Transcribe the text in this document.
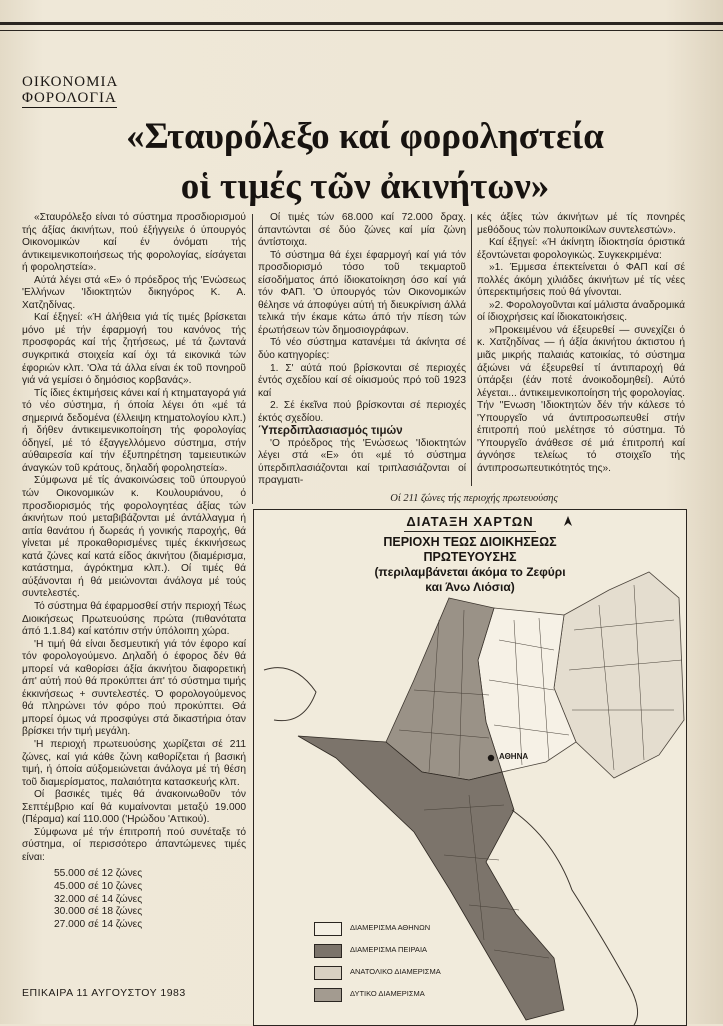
ΟΙΚΟΝΟΜΙΑ
ΦΟΡΟΛΟΓΙΑ
«Σταυρόλεξο καί φοροληστεία
οἱ τιμές τῶν ἀκινήτων»

«Σταυρόλεξο είναι τό σύστημα προσδιορισμού τής άξίας άκινήτων, πού έξήγγειλε ό ύπουργός Οικονομικών καί έν όνόματι τής άντικειμενικοποιήσεως τής φορολογίας, είσάγεται ή φοροληστεία».

Αύτά λέγει στά «Ε» ό πρόεδρος τής 'Ενώσεως 'Ελλήνων 'Ιδιοκτητών δικηγόρος Κ. Α. Χατζηδίνας.

Καί έξηγεί: «Ή άλήθεια γιά τίς τιμές βρίσκεται μόνο μέ τήν έφαρμογή του κανόνος τής προσφοράς καί τής ζητήσεως, μέ τά ζωντανά συγκριτικά στοιχεία καί όχι τά εικονικά τών έφοριών κλπ. 'Ολα τά άλλα είναι έκ τοῦ πονηροῦ γιά νά γεμίσει ό δημόσιος κορβανάς».

Τίς ίδιες έκτιμήσεις κάνει καί ή κτηματαγορά γιά τό νέο σύστημα, ή όποία λέγει ότι «μέ τά σημερινά δεδομένα (έλλειψη κτηματολογίου κλπ.) ή δήθεν άντικειμενικοποίηση τής φορολογίας όδηγεί, μέ τό έξαγγελλόμενο σύστημα, στήν αύθαιρεσία καί τήν έξυπηρέτηση ταμειευτικών άναγκών τοῦ κράτους, δηλαδή φοροληστεία».

Σύμφωνα μέ τίς άνακοινώσεις τοῦ ύπουργού τών Οικονομικών κ. Κουλουριάνου, ό προσδιορισμός τής φορολογητέας άξίας τών άκινήτων πού μεταβιβάζονται μέ άντάλλαγμα ή αιτία θανάτου ή δωρεάς ή γονικής παροχής, θά γίνεται μέ προκαθορισμένες τιμές έκκινήσεως κατά ζώνες καί κατά είδος άκινήτου (διαμέρισμα, κατάστημα, άγρόκτημα κλπ.). Οί τιμές θά αύξάνονται ή θά μειώνονται άνάλογα μέ τούς συντελεστές.

Τό σύστημα θά έφαρμοσθεί στήν περιοχή Τέως Διοικήσεως Πρωτευούσης πρώτα (πιθανότατα άπό 1.1.84) καί κατόπιν στήν ύπόλοιπη χώρα.

'Η τιμή θά είναι δεσμευτική γιά τόν έφορο καί τόν φορολογούμενο. Δηλαδή ό έφορος δέν θά μπορεί νά καθορίσει άξία άκινήτου διαφορετική άπ' αύτή πού θά προκύπτει άπ' τό σύστημα τιμής έκκινήσεως + συντελεστές. Ό φορολογούμενος θά πληρώνει τόν φόρο πού προκύπτει. Θά μπορεί όμως νά προσφύγει στά δικαστήρια όταν βρίσκει τήν τιμή μεγάλη.

'Η περιοχή πρωτευούσης χωρίζεται σέ 211 ζώνες, καί γιά κάθε ζώνη καθορίζεται ή βασική τιμή, ή όποία αύξομειώνεται άνάλογα μέ τή θέση τοῦ διαμερίσματος, παλαιότητα κατασκευής κλπ.

Οί βασικές τιμές θά άνακοινωθοῦν τόν Σεπτέμβριο καί θά κυμαίνονται μεταξύ 19.000 (Πέραμα) καί 110.000 ('Ηρώδου 'Αττικού).

Σύμφωνα μέ τήν έπιτροπή πού συνέταξε τό σύστημα, οί περισσότερο άπαντώμενες τιμές είναι:

55.000 σέ 12 ζώνες
45.000 σέ 10 ζώνες
32.000 σέ 14 ζώνες
30.000 σέ 18 ζώνες
27.000 σέ 14 ζώνες

Οί τιμές τών 68.000 καί 72.000 δραχ. άπαντώνται σέ δύο ζώνες καί μία ζώνη άντίστοιχα.

Τό σύστημα θά έχει έφαρμογή καί γιά τόν προσδιορισμό τόσο τοῦ τεκμαρτοῦ είσοδήματος άπό ίδιοκατοίκηση όσο καί γιά τόν ΦΑΠ. 'Ο ύπουργός τών Οικονομικών θέλησε νά άποφύγει αύτή τή διευκρίνιση άλλά τελικά τήν έκαμε κάτω άπό τήν πίεση τών έρωτήσεων τών δημοσιογράφων.

Τό νέο σύστημα κατανέμει τά άκίνητα σέ δύο κατηγορίες:

1. Σ' αύτά πού βρίσκονται σέ περιοχές έντός σχεδίου καί σέ οίκισμούς πρό τοῦ 1923 καί

2. Σέ έκεῖνα πού βρίσκονται σέ περιοχές έκτός σχεδίου.

Ύπερδιπλασιασμός τιμών

'Ο πρόεδρος τής 'Ενώσεως 'Ιδιοκτητών λέγει στά «Ε» ότι «μέ τό σύστημα ύπερδιπλασιάζονται καί τριπλασιάζονται οί πραγματι-

κές άξίες τών άκινήτων μέ τίς πονηρές μεθόδους τών πολυποικίλων συντελεστών».

Καί έξηγεί: «Ή άκίνητη ίδιοκτησία όριστικά έξοντώνεται φορολογικώς. Συγκεκριμένα:

»1. Έμμεσα έπεκτείνεται ό ΦΑΠ καί σέ πολλές άκόμη χιλιάδες άκινήτων μέ τίς νέες ύπερεκτιμήσεις πού θά γίνονται.

»2. Φορολογοῦνται καί μάλιστα άναδρομικά οί ίδιοχρήσεις καί ίδιοκατοικήσεις.

»Προκειμένου νά έξευρεθεί — συνεχίζει ό κ. Χατζηδίνας — ή άξία άκινήτου άκτιστου ή μιᾶς μικρής παλαιάς κατοικίας, τό σύστημα άξιώνει νά έξευρεθεί τί άντιπαροχή θά ύπάρξει (έάν ποτέ άνοικοδομηθεί). Αύτό λέγεται... άντικειμενικοποίηση τής φορολογίας. Τήν ''Ενωση 'Ιδιοκτητών δέν τήν κάλεσε τό 'Υπουργεῖο νά άντιπροσωπευθεί στήν έπιτροπή πού μελέτησε τό σύστημα. Τό 'Υπουργεῖο άνάθεσε σέ μιά έπιτροπή καί άγνόησε τελείως τό στοιχεῖο τής άντιπροσωπευτικότητός της».

Οί 211 ζώνες τής περιοχής πρωτευούσης
ΔΙΑΤΑΞΗ ΧΑΡΤΩΝ
ΠΕΡΙΟΧΗ ΤΕΩΣ ΔΙΟΙΚΗΣΕΩΣ
ΠΡΩΤΕΥΟΥΣΗΣ
(περιλαμβάνεται άκόμα το Ζεφύρι
και Άνω Λιόσια)
ΑΘΗΝΑ
ΔΙΑΜΕΡΙΣΜΑ ΑΘΗΝΩΝ
ΔΙΑΜΕΡΙΣΜΑ ΠΕΙΡΑΙΑ
ΑΝΑΤΟΛΙΚΟ ΔΙΑΜΕΡΙΣΜΑ
ΔΥΤΙΚΟ ΔΙΑΜΕΡΙΣΜΑ
ΕΠΙΚΑΙΡΑ 11 ΑΥΓΟΥΣΤΟΥ 1983
